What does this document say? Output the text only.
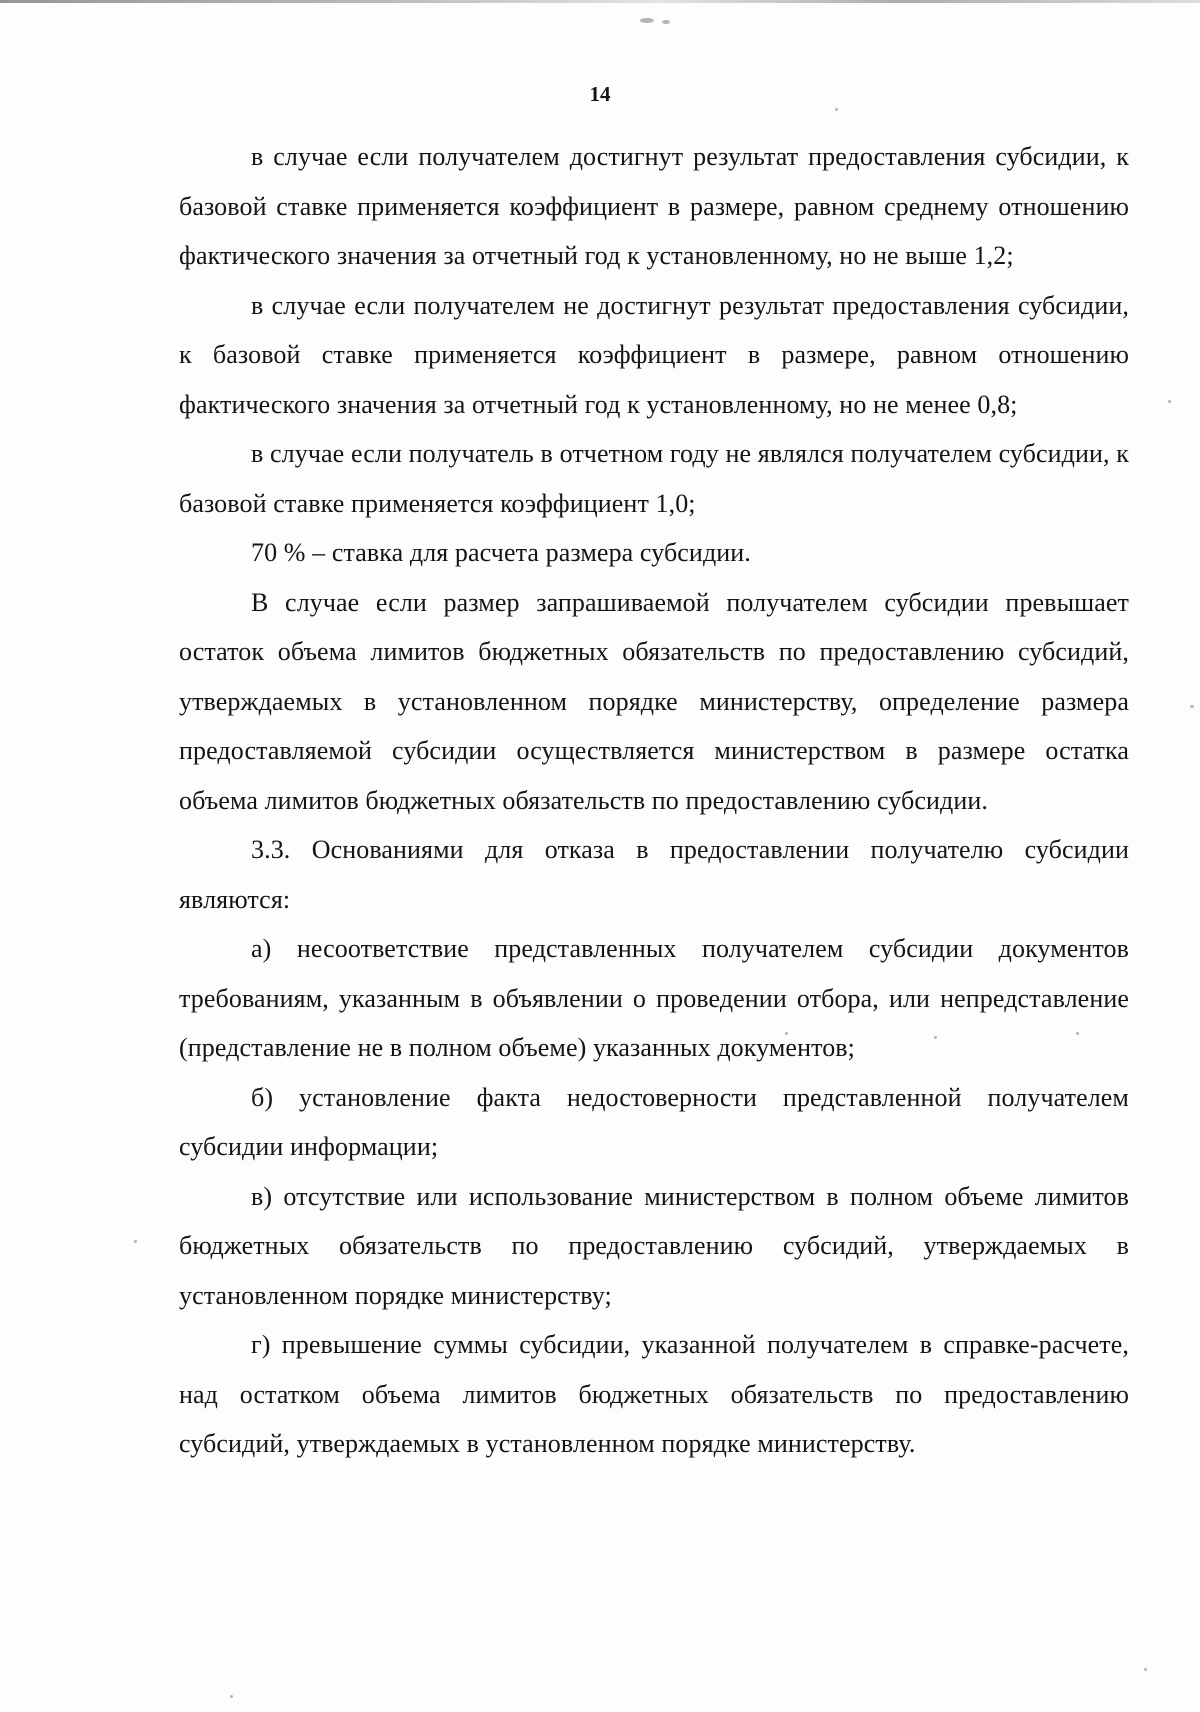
14

в случае если получателем достигнут результат предоставления субсидии, к базовой ставке применяется коэффициент в размере, равном среднему отношению фактического значения за отчетный год к установленному, но не выше 1,2;

в случае если получателем не достигнут результат предоставления субсидии, к базовой ставке применяется коэффициент в размере, равном отношению фактического значения за отчетный год к установленному, но не менее 0,8;

в случае если получатель в отчетном году не являлся получателем субсидии, к базовой ставке применяется коэффициент 1,0;

70 % – ставка для расчета размера субсидии.

В случае если размер запрашиваемой получателем субсидии превышает остаток объема лимитов бюджетных обязательств по предоставлению субсидий, утверждаемых в установленном порядке министерству, определение размера предоставляемой субсидии осуществляется министерством в размере остатка объема лимитов бюджетных обязательств по предоставлению субсидии.

3.3. Основаниями для отказа в предоставлении получателю субсидии являются:

а) несоответствие представленных получателем субсидии документов требованиям, указанным в объявлении о проведении отбора, или непредставление (представление не в полном объеме) указанных документов;

б) установление факта недостоверности представленной получателем субсидии информации;

в) отсутствие или использование министерством в полном объеме лимитов бюджетных обязательств по предоставлению субсидий, утверждаемых в установленном порядке министерству;

г) превышение суммы субсидии, указанной получателем в справке-расчете, над остатком объема лимитов бюджетных обязательств по предоставлению субсидий, утверждаемых в установленном порядке министерству.
